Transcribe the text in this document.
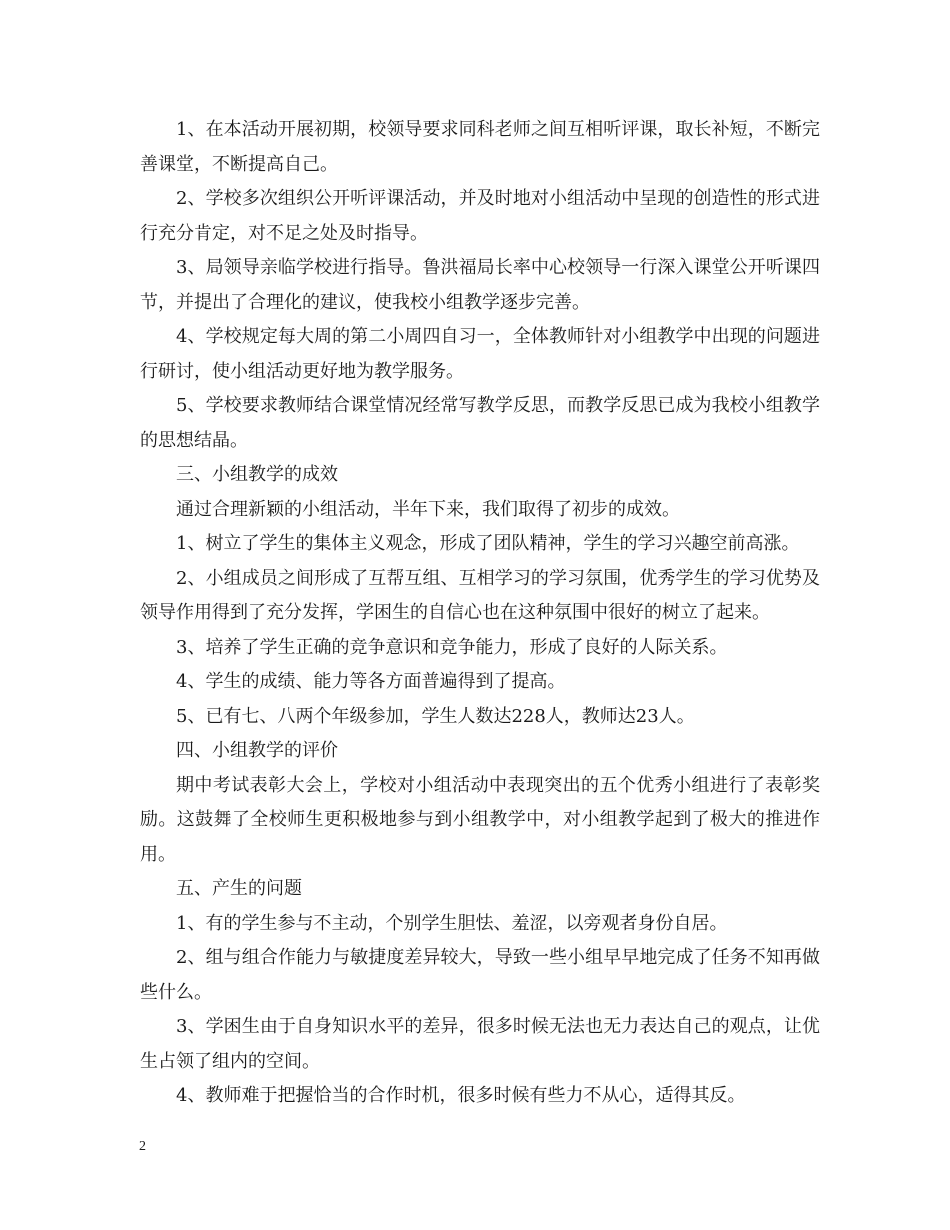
1、在本活动开展初期，校领导要求同科老师之间互相听评课，取长补短，不断完善课堂，不断提高自己。

2、学校多次组织公开听评课活动，并及时地对小组活动中呈现的创造性的形式进行充分肯定，对不足之处及时指导。

3、局领导亲临学校进行指导。鲁洪福局长率中心校领导一行深入课堂公开听课四节，并提出了合理化的建议，使我校小组教学逐步完善。

4、学校规定每大周的第二小周四自习一，全体教师针对小组教学中出现的问题进行研讨，使小组活动更好地为教学服务。

5、学校要求教师结合课堂情况经常写教学反思，而教学反思已成为我校小组教学的思想结晶。

三、小组教学的成效

通过合理新颖的小组活动，半年下来，我们取得了初步的成效。

1、树立了学生的集体主义观念，形成了团队精神，学生的学习兴趣空前高涨。

2、小组成员之间形成了互帮互组、互相学习的学习氛围，优秀学生的学习优势及领导作用得到了充分发挥，学困生的自信心也在这种氛围中很好的树立了起来。

3、培养了学生正确的竞争意识和竞争能力，形成了良好的人际关系。

4、学生的成绩、能力等各方面普遍得到了提高。

5、已有七、八两个年级参加，学生人数达228人，教师达23人。

四、小组教学的评价

期中考试表彰大会上，学校对小组活动中表现突出的五个优秀小组进行了表彰奖励。这鼓舞了全校师生更积极地参与到小组教学中，对小组教学起到了极大的推进作用。

五、产生的问题

1、有的学生参与不主动，个别学生胆怯、羞涩，以旁观者身份自居。

2、组与组合作能力与敏捷度差异较大，导致一些小组早早地完成了任务不知再做些什么。

3、学困生由于自身知识水平的差异，很多时候无法也无力表达自己的观点，让优生占领了组内的空间。

4、教师难于把握恰当的合作时机，很多时候有些力不从心，适得其反。

2
